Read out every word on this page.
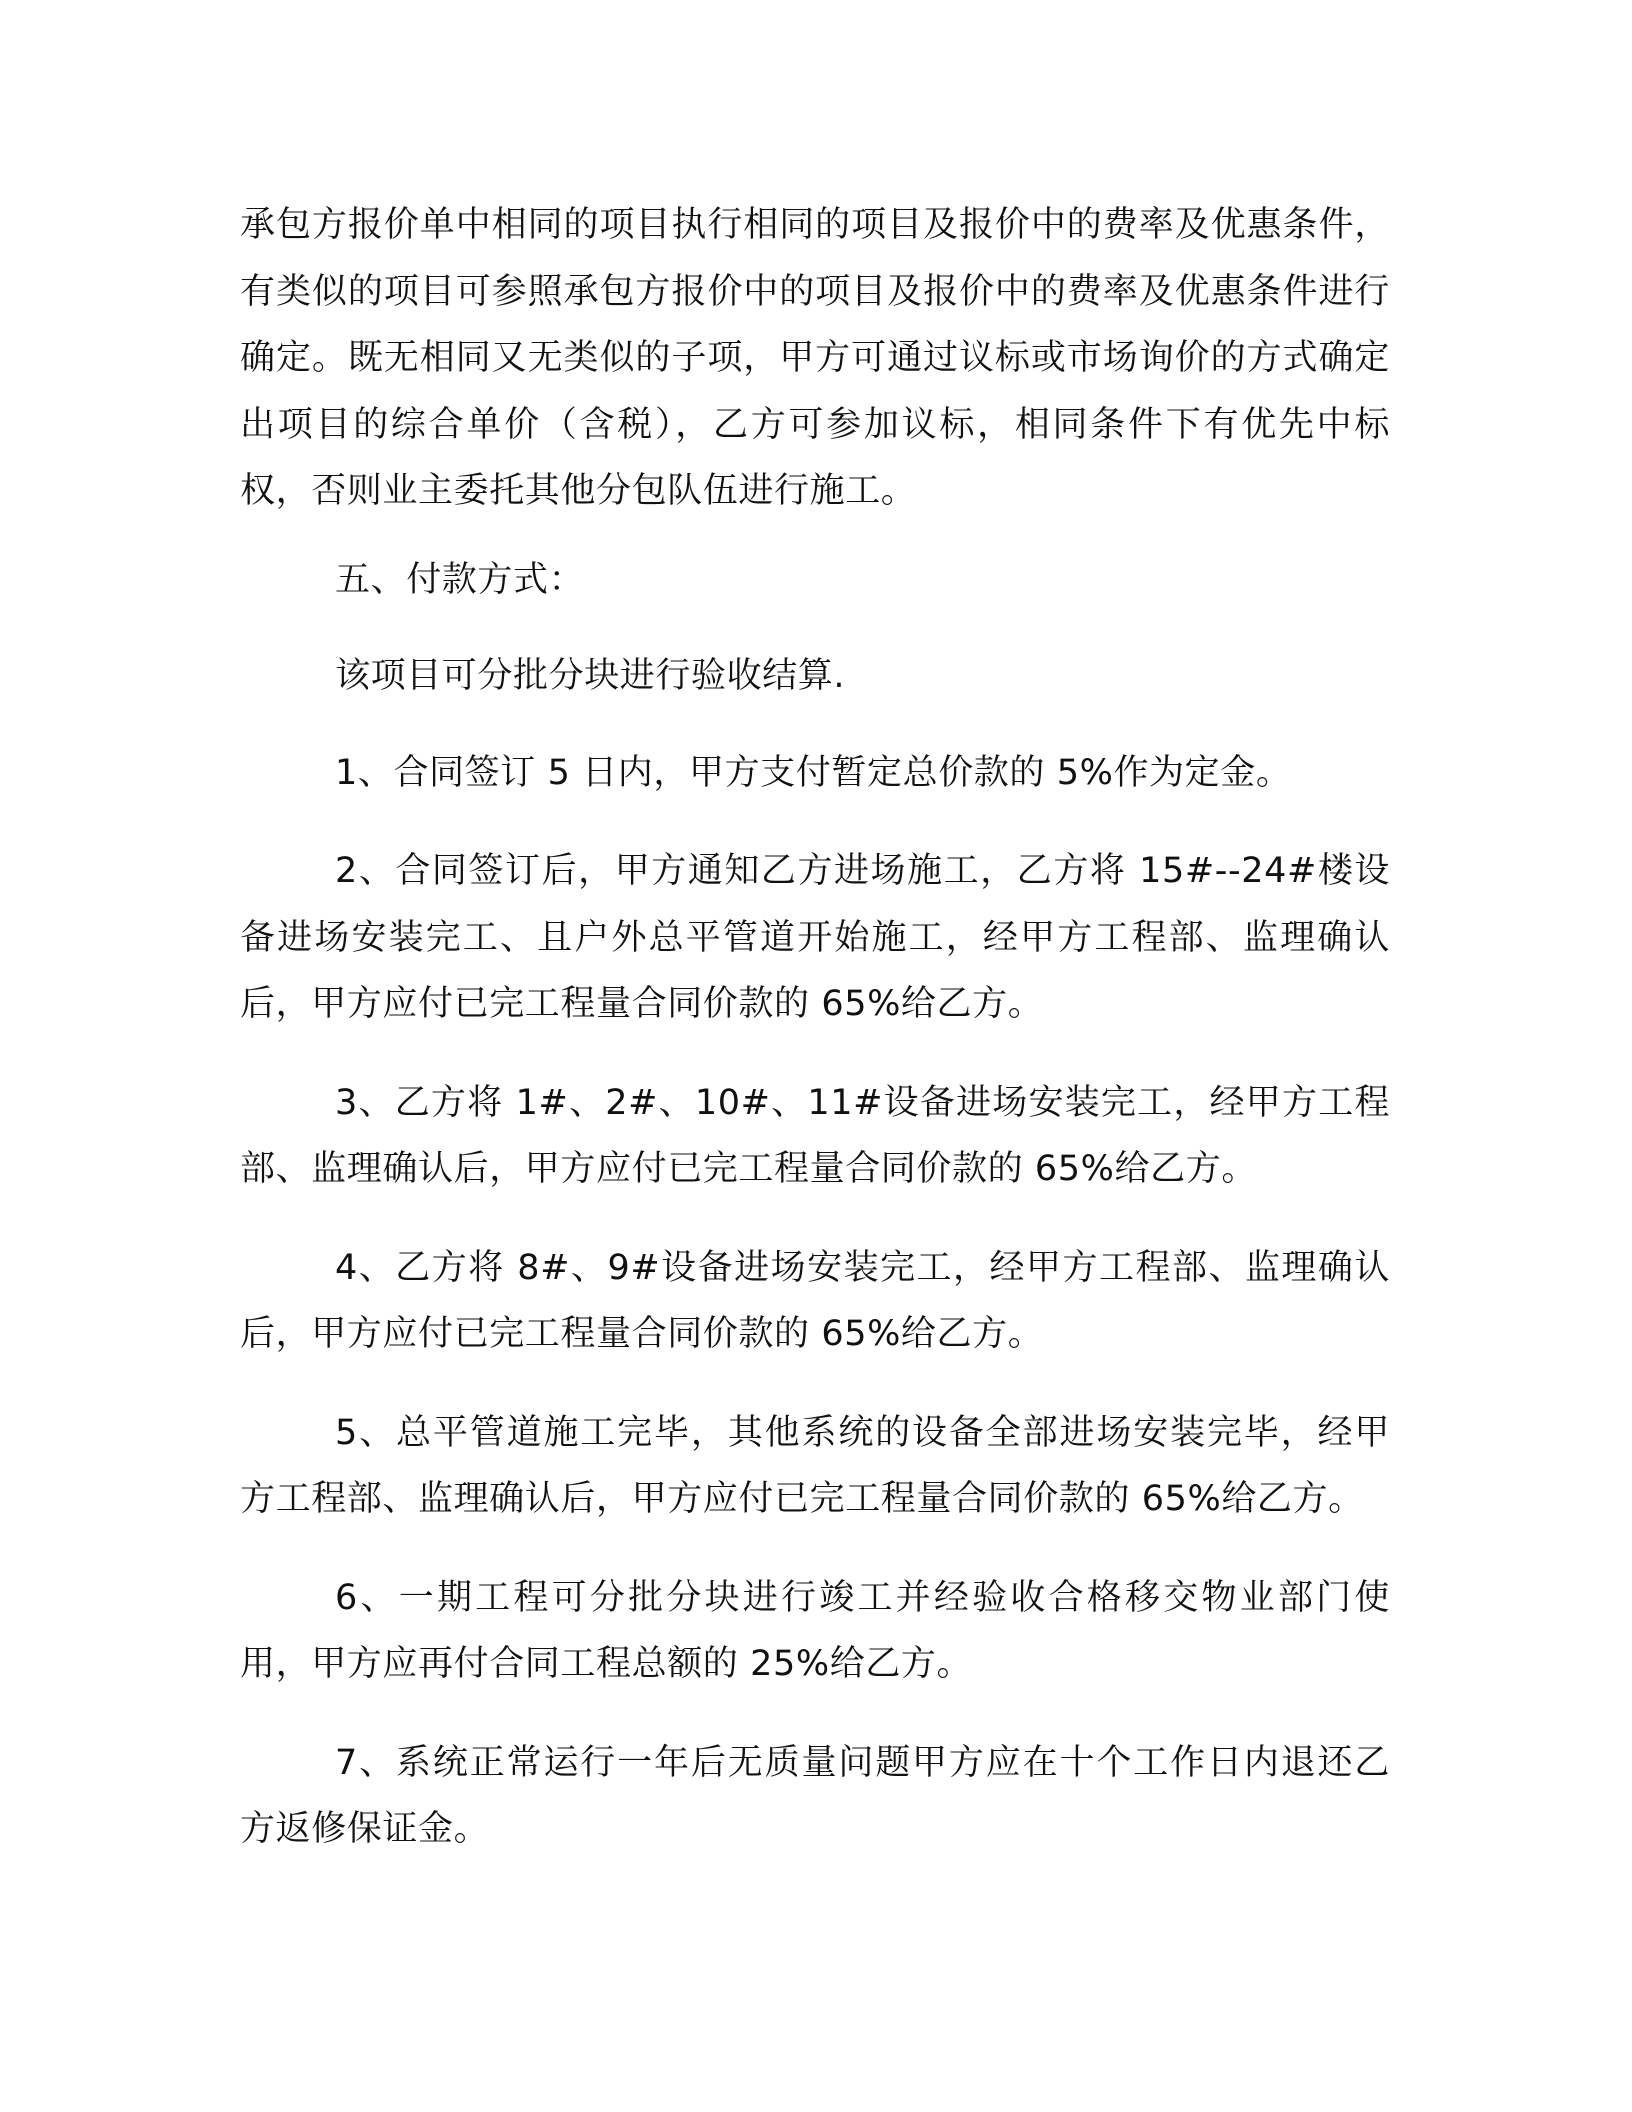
承包方报价单中相同的项目执行相同的项目及报价中的费率及优惠条件，有类似的项目可参照承包方报价中的项目及报价中的费率及优惠条件进行确定。既无相同又无类似的子项，甲方可通过议标或市场询价的方式确定出项目的综合单价（含税），乙方可参加议标，相同条件下有优先中标权，否则业主委托其他分包队伍进行施工。

五、付款方式：

该项目可分批分块进行验收结算.

1、合同签订 5 日内，甲方支付暂定总价款的 5%作为定金。

2、合同签订后，甲方通知乙方进场施工，乙方将 15#--24#楼设备进场安装完工、且户外总平管道开始施工，经甲方工程部、监理确认后，甲方应付已完工程量合同价款的 65%给乙方。

3、乙方将 1#、2#、10#、11#设备进场安装完工，经甲方工程部、监理确认后，甲方应付已完工程量合同价款的 65%给乙方。

4、乙方将 8#、9#设备进场安装完工，经甲方工程部、监理确认后，甲方应付已完工程量合同价款的 65%给乙方。

5、总平管道施工完毕，其他系统的设备全部进场安装完毕，经甲方工程部、监理确认后，甲方应付已完工程量合同价款的 65%给乙方。

6、一期工程可分批分块进行竣工并经验收合格移交物业部门使用，甲方应再付合同工程总额的 25%给乙方。

7、系统正常运行一年后无质量问题甲方应在十个工作日内退还乙方返修保证金。
